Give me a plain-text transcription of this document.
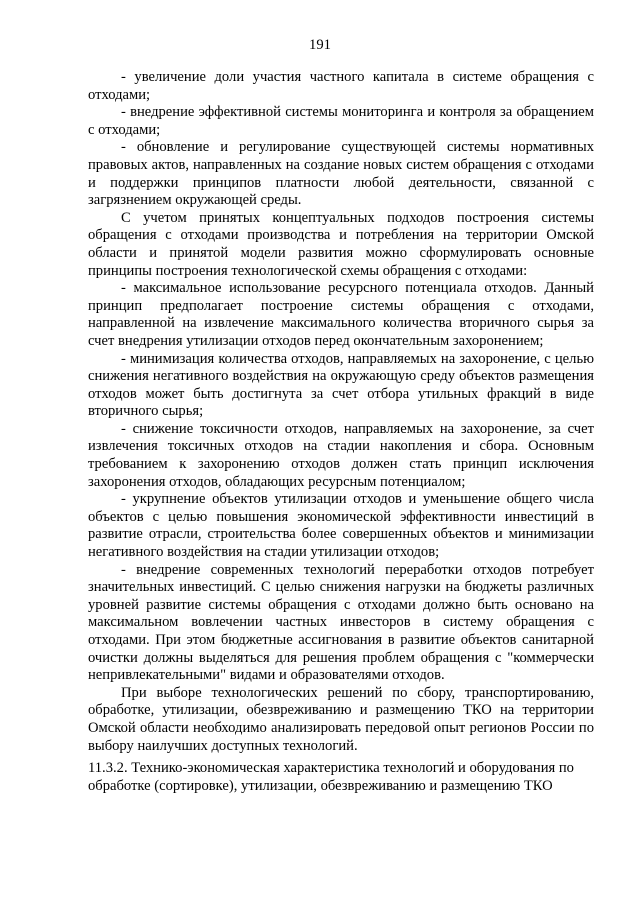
191

- увеличение доли участия частного капитала в системе обращения с отходами;

- внедрение эффективной системы мониторинга и контроля за обращением с отходами;

- обновление и регулирование существующей системы нормативных правовых актов, направленных на создание новых систем обращения с отходами и поддержки принципов платности любой деятельности, связанной с загрязнением окружающей среды.

С учетом принятых концептуальных подходов построения системы обращения с отходами производства и потребления на территории Омской области и принятой модели развития можно сформулировать основные принципы построения технологической схемы обращения с отходами:

- максимальное использование ресурсного потенциала отходов. Данный принцип предполагает построение системы обращения с отходами, направленной на извлечение максимального количества вторичного сырья за счет внедрения утилизации отходов перед окончательным захоронением;

- минимизация количества отходов, направляемых на захоронение, с целью снижения негативного воздействия на окружающую среду объектов размещения отходов может быть достигнута за счет отбора утильных фракций в виде вторичного сырья;

- снижение токсичности отходов, направляемых на захоронение, за счет извлечения токсичных отходов на стадии накопления и сбора. Основным требованием к захоронению отходов должен стать принцип исключения захоронения отходов, обладающих ресурсным потенциалом;

- укрупнение объектов утилизации отходов и уменьшение общего числа объектов с целью повышения экономической эффективности инвестиций в развитие отрасли, строительства более совершенных объектов и минимизации негативного воздействия на стадии утилизации отходов;

- внедрение современных технологий переработки отходов потребует значительных инвестиций. С целью снижения нагрузки на бюджеты различных уровней развитие системы обращения с отходами должно быть основано на максимальном вовлечении частных инвесторов в систему обращения с отходами. При этом бюджетные ассигнования в развитие объектов санитарной очистки должны выделяться для решения проблем обращения с "коммерчески непривлекательными" видами и образователями отходов.

При выборе технологических решений по сбору, транспортированию, обработке, утилизации, обезвреживанию и размещению ТКО на территории Омской области необходимо анализировать передовой опыт регионов России по выбору наилучших доступных технологий.

11.3.2. Технико-экономическая характеристика технологий и оборудования по обработке (сортировке), утилизации, обезвреживанию и размещению ТКО
